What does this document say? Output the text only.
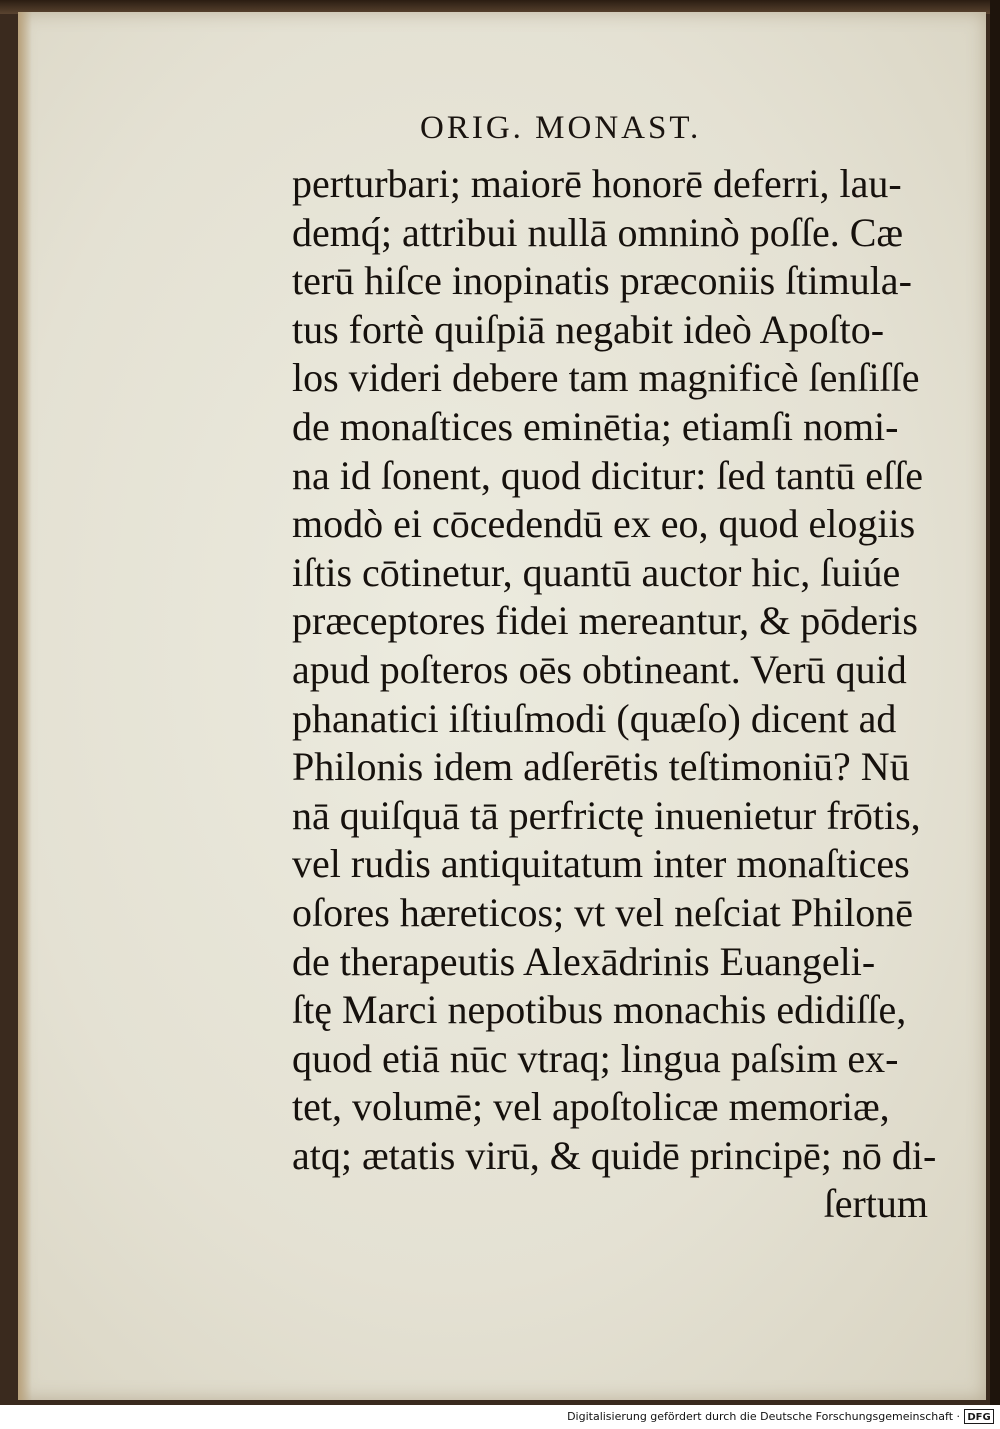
ORIG. MONAST.
perturbari; maiorē honorē deferri, lau-
demq́; attribui nullā omninò poſſe. Cæ
terū hiſce inopinatis præconiis ſtimula-
tus fortè quiſpiā negabit ideò Apoſto-
los videri debere tam magnificè ſenſiſſe
de monaſtices eminētia; etiamſi nomi-
na id ſonent, quod dicitur: ſed tantū eſſe
modò ei cōcedendū ex eo, quod elogiis
iſtis cōtinetur, quantū auctor hic, ſuiúe
præceptores fidei mereantur, & pōderis
apud poſteros oēs obtineant. Verū quid
phanatici iſtiuſmodi (quæſo) dicent ad
Philonis idem adſerētis teſtimoniū? Nū
nā quiſquā tā perfrictę inuenietur frōtis,
vel rudis antiquitatum inter monaſtices
oſores hæreticos; vt vel neſciat Philonē
de therapeutis Alexādrinis Euangeli-
ſtę Marci nepotibus monachis edidiſſe,
quod etiā nūc vtraq; lingua paſsim ex-
tet, volumē; vel apoſtolicæ memoriæ,
atq; ætatis virū, & quidē principē; nō di-
ſertum
Digitalisierung gefördert durch die Deutsche Forschungsgemeinschaft · DFG
